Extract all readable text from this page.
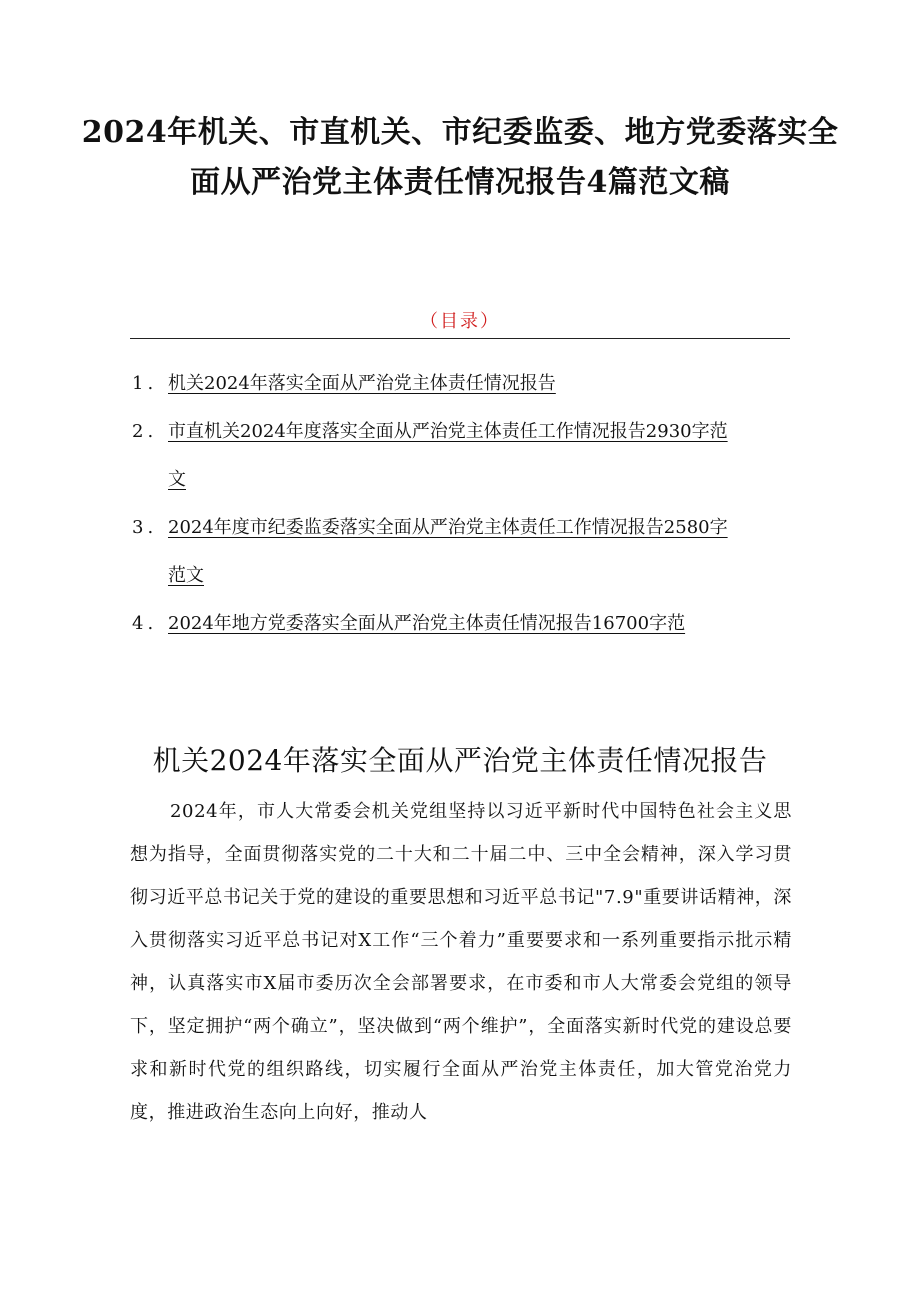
2024年机关、市直机关、市纪委监委、地方党委落实全面从严治党主体责任情况报告4篇范文稿
（目录）
1. 机关2024年落实全面从严治党主体责任情况报告
2. 市直机关2024年度落实全面从严治党主体责任工作情况报告2930字范文
3. 2024年度市纪委监委落实全面从严治党主体责任工作情况报告2580字范文
4. 2024年地方党委落实全面从严治党主体责任情况报告16700字范
机关2024年落实全面从严治党主体责任情况报告

2024年，市人大常委会机关党组坚持以习近平新时代中国特色社会主义思想为指导，全面贯彻落实党的二十大和二十届二中、三中全会精神，深入学习贯彻习近平总书记关于党的建设的重要思想和习近平总书记"7.9"重要讲话精神，深入贯彻落实习近平总书记对X工作“三个着力”重要要求和一系列重要指示批示精神，认真落实市X届市委历次全会部署要求，在市委和市人大常委会党组的领导下，坚定拥护“两个确立”，坚决做到“两个维护”，全面落实新时代党的建设总要求和新时代党的组织路线，切实履行全面从严治党主体责任，加大管党治党力度，推进政治生态向上向好，推动人
